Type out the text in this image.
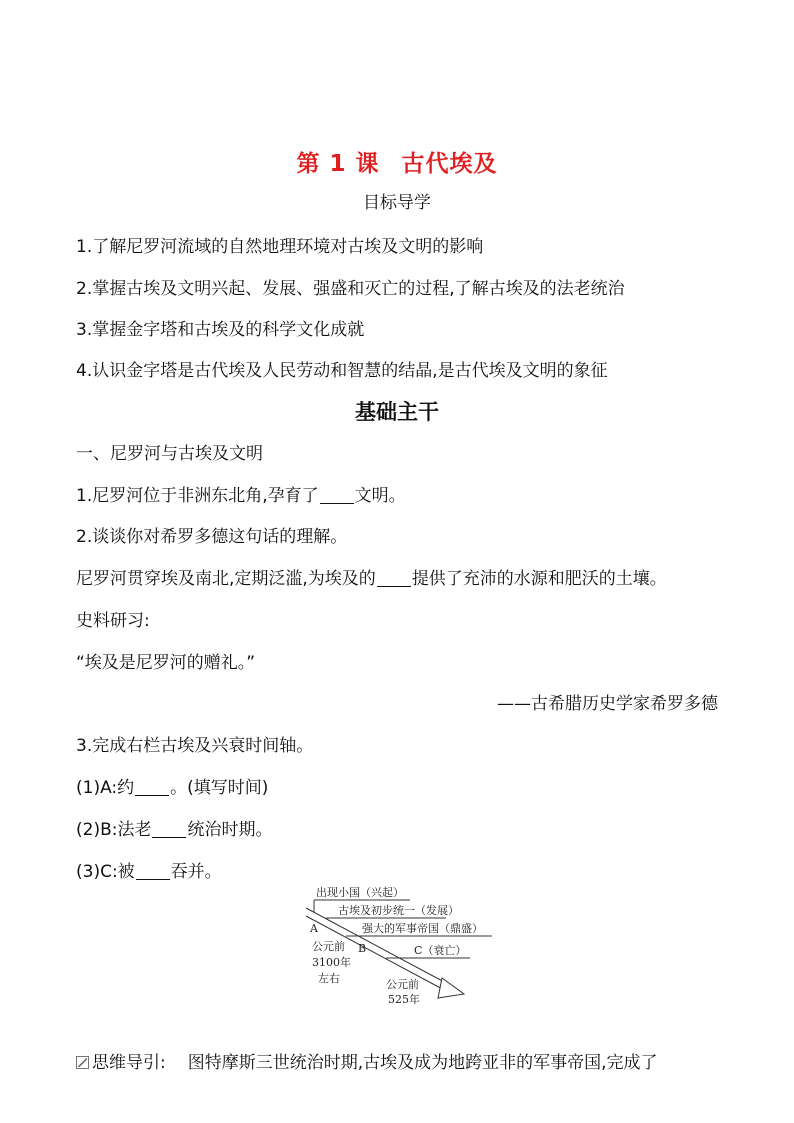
第 1 课 古代埃及
目标导学
1.了解尼罗河流域的自然地理环境对古埃及文明的影响
2.掌握古埃及文明兴起、发展、强盛和灭亡的过程,了解古埃及的法老统治
3.掌握金字塔和古埃及的科学文化成就
4.认识金字塔是古代埃及人民劳动和智慧的结晶,是古代埃及文明的象征
基础主干
一、尼罗河与古埃及文明
1.尼罗河位于非洲东北角,孕育了 文明。
2.谈谈你对希罗多德这句话的理解。
尼罗河贯穿埃及南北,定期泛滥,为埃及的 提供了充沛的水源和肥沃的土壤。
史料研习:
“埃及是尼罗河的赠礼。”
——古希腊历史学家希罗多德
3.完成右栏古埃及兴衰时间轴。
(1)A:约 。(填写时间)
(2)B:法老 统治时期。
(3)C:被 吞并。
出现小国（兴起）
古埃及初步统一（发展）
强大的军事帝国（鼎盛）
C（衰亡）
A
B
公元前
3100年
左右	公元前
525年
思维导引: 图特摩斯三世统治时期,古埃及成为地跨亚非的军事帝国,完成了
